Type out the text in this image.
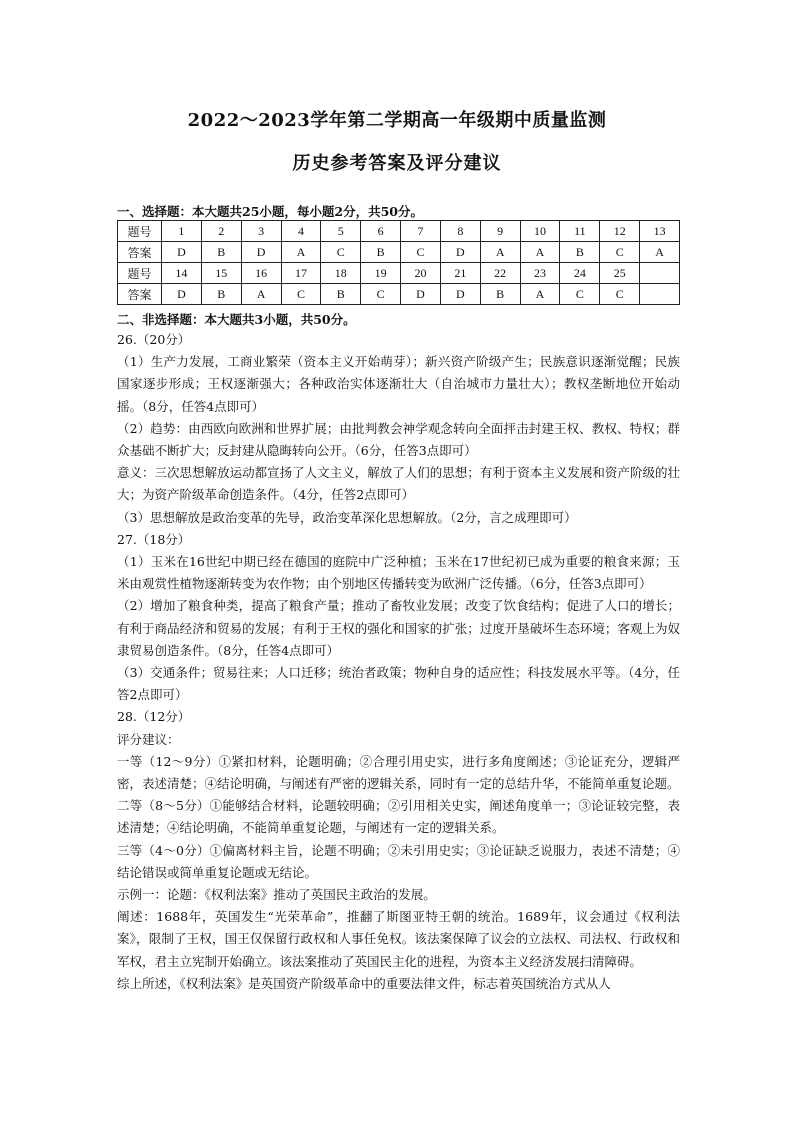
2022～2023学年第二学期高一年级期中质量监测
历史参考答案及评分建议
一、选择题：本大题共25小题，每小题2分，共50分。
题号	1	2	3	4	5	6	7	8	9	10	11	12	13
答案	D	B	D	A	C	B	C	D	A	A	B	C	A
题号	14	15	16	17	18	19	20	21	22	23	24	25	
答案	D	B	A	C	B	C	D	D	B	A	C	C	
二、非选择题：本大题共3小题，共50分。

26.（20分）

（1）生产力发展，工商业繁荣（资本主义开始萌芽）；新兴资产阶级产生；民族意识逐渐觉醒；民族国家逐步形成；王权逐渐强大；各种政治实体逐渐壮大（自治城市力量壮大）；教权垄断地位开始动摇。（8分，任答4点即可）

（2）趋势：由西欧向欧洲和世界扩展；由批判教会神学观念转向全面抨击封建王权、教权、特权；群众基础不断扩大；反封建从隐晦转向公开。（6分，任答3点即可）

意义：三次思想解放运动都宣扬了人文主义，解放了人们的思想；有利于资本主义发展和资产阶级的壮大；为资产阶级革命创造条件。（4分，任答2点即可）

（3）思想解放是政治变革的先导，政治变革深化思想解放。（2分，言之成理即可）

27.（18分）

（1）玉米在16世纪中期已经在德国的庭院中广泛种植；玉米在17世纪初已成为重要的粮食来源；玉米由观赏性植物逐渐转变为农作物；由个别地区传播转变为欧洲广泛传播。（6分，任答3点即可）

（2）增加了粮食种类，提高了粮食产量；推动了畜牧业发展；改变了饮食结构；促进了人口的增长；有利于商品经济和贸易的发展；有利于王权的强化和国家的扩张；过度开垦破坏生态环境；客观上为奴隶贸易创造条件。（8分，任答4点即可）

（3）交通条件；贸易往来；人口迁移；统治者政策；物种自身的适应性；科技发展水平等。（4分，任答2点即可）

28.（12分）

评分建议：

一等（12～9分）①紧扣材料，论题明确；②合理引用史实，进行多角度阐述；③论证充分，逻辑严密，表述清楚；④结论明确，与阐述有严密的逻辑关系，同时有一定的总结升华，不能简单重复论题。

二等（8～5分）①能够结合材料，论题较明确；②引用相关史实，阐述角度单一；③论证较完整，表述清楚；④结论明确，不能简单重复论题，与阐述有一定的逻辑关系。

三等（4～0分）①偏离材料主旨，论题不明确；②未引用史实；③论证缺乏说服力，表述不清楚；④结论错误或简单重复论题或无结论。

示例一：论题：《权利法案》推动了英国民主政治的发展。

阐述：1688年，英国发生“光荣革命”，推翻了斯图亚特王朝的统治。1689年，议会通过《权利法案》，限制了王权，国王仅保留行政权和人事任免权。该法案保障了议会的立法权、司法权、行政权和军权，君主立宪制开始确立。该法案推动了英国民主化的进程，为资本主义经济发展扫清障碍。

综上所述，《权利法案》是英国资产阶级革命中的重要法律文件，标志着英国统治方式从人
